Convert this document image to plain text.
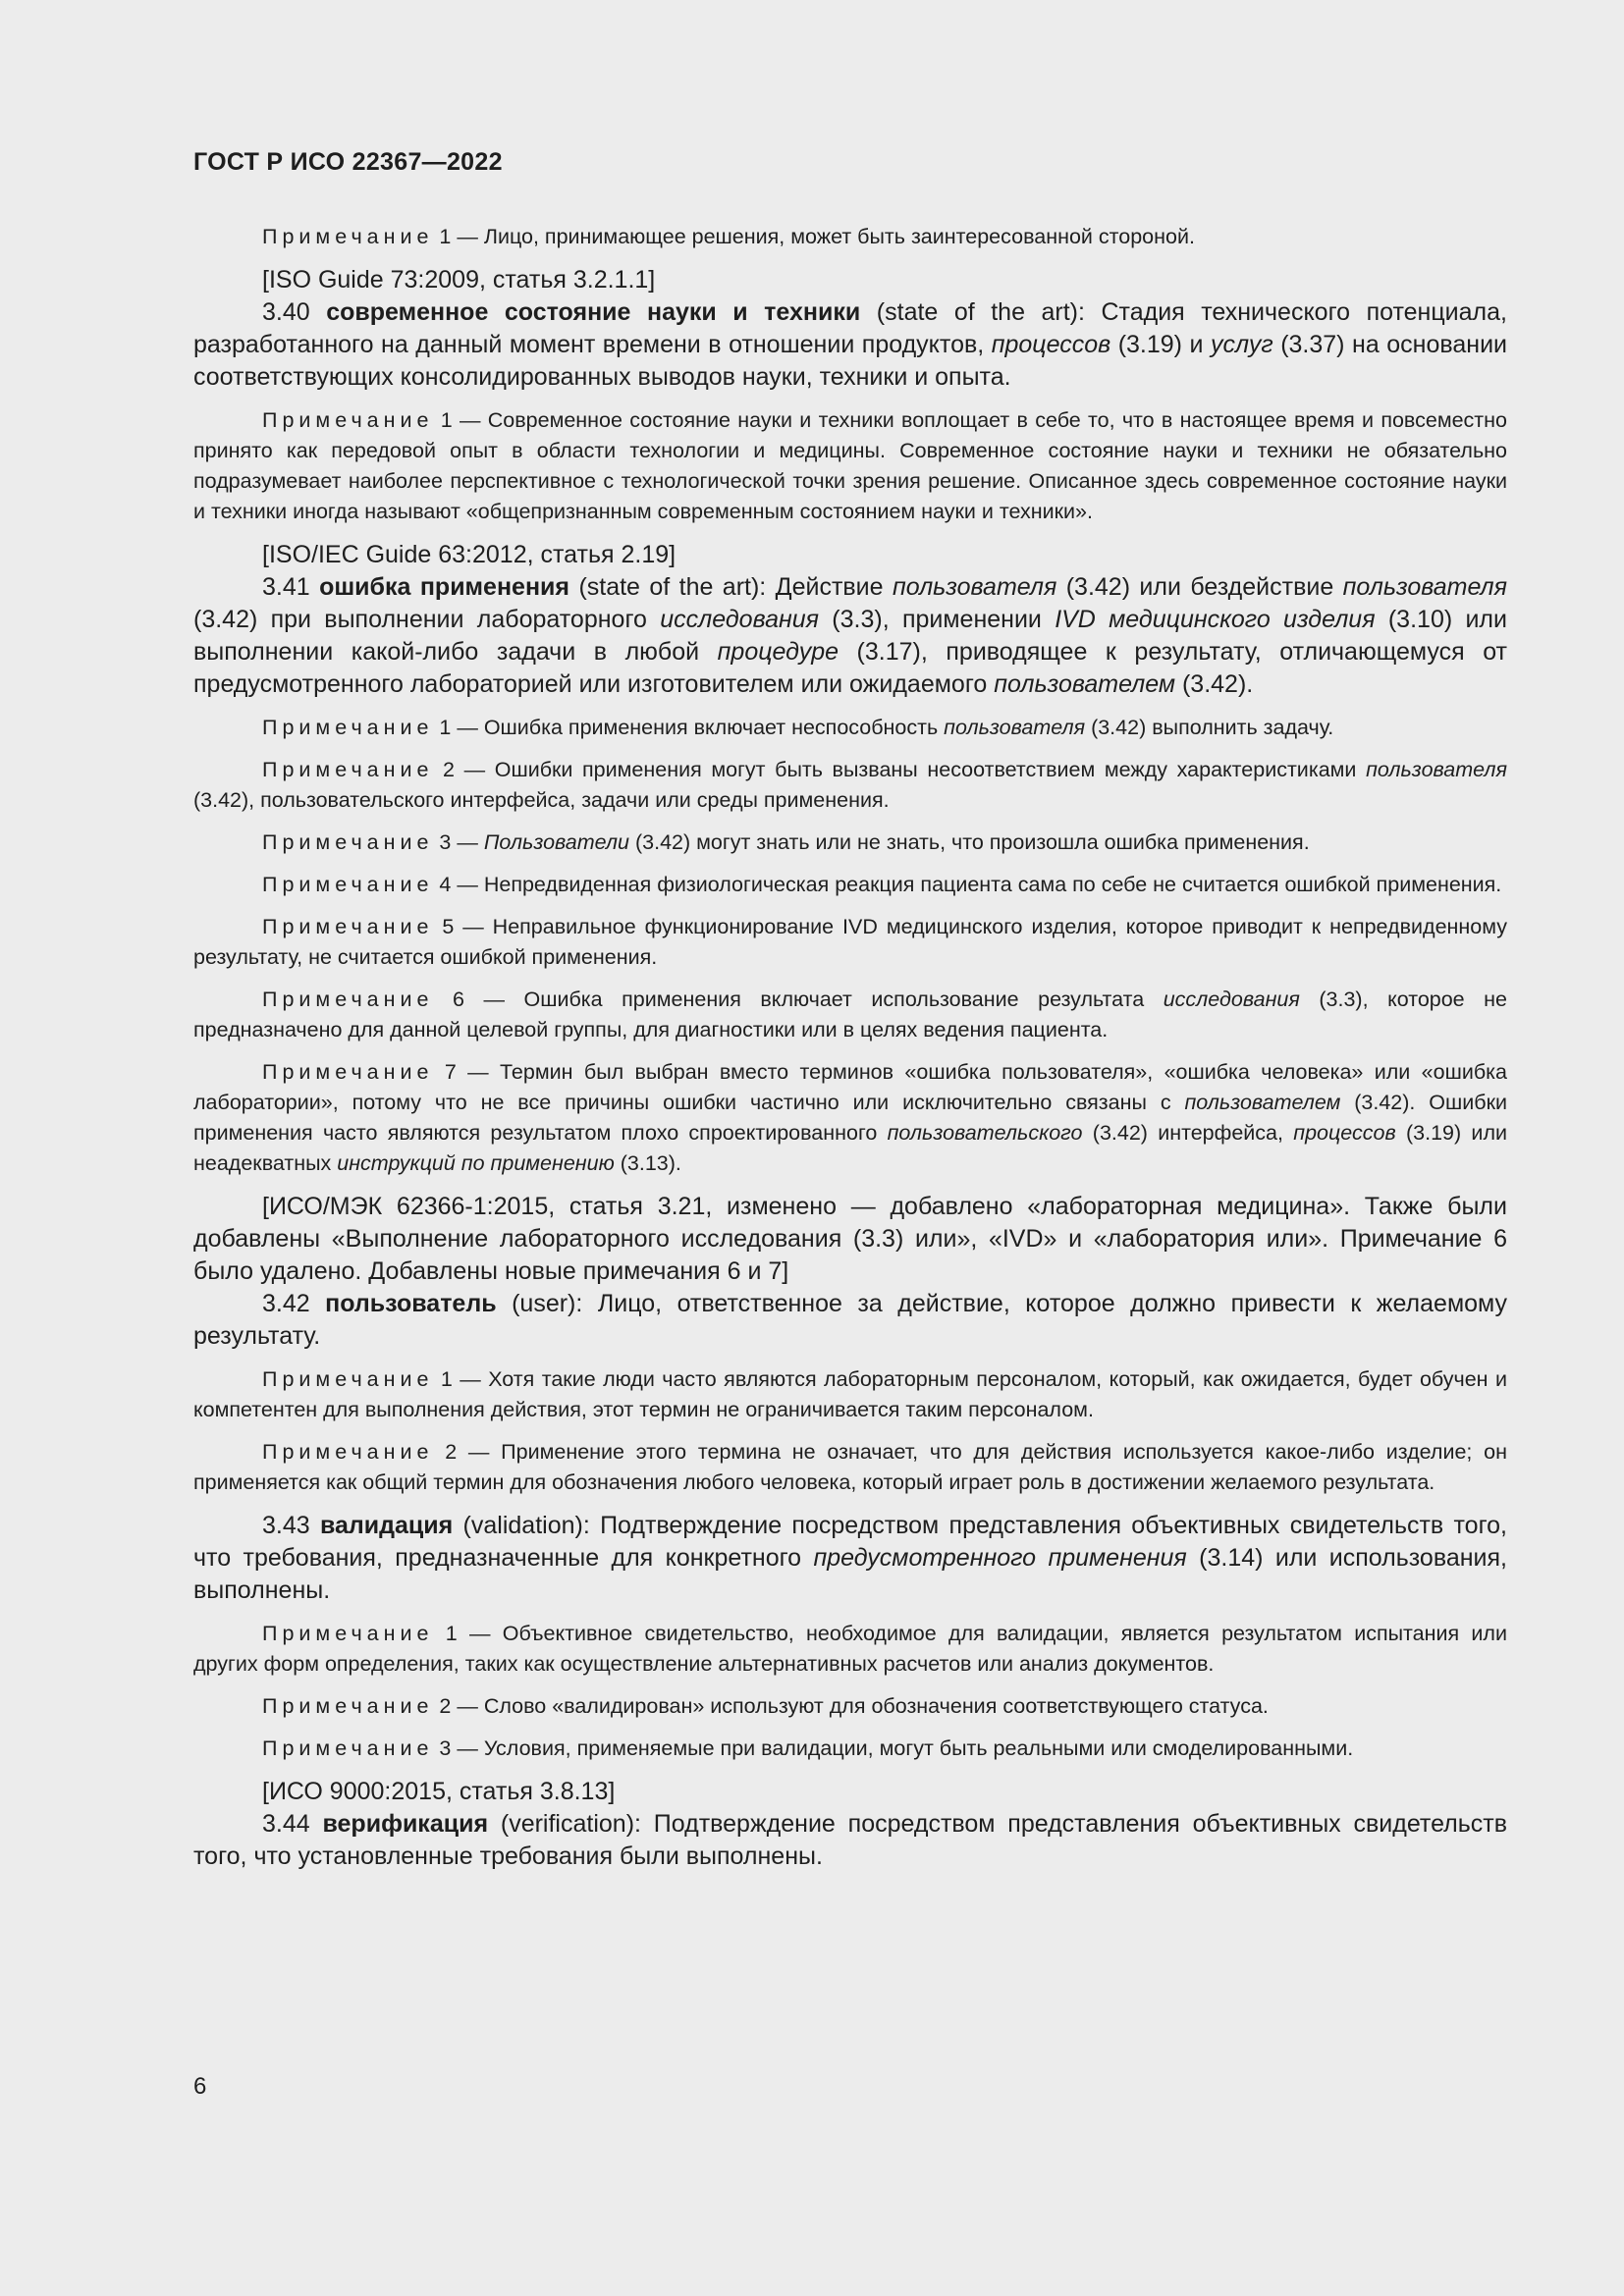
ГОСТ Р ИСО 22367—2022

Примечание 1 — Лицо, принимающее решения, может быть заинтересованной стороной.

[ISO Guide 73:2009, статья 3.2.1.1]

3.40 современное состояние науки и техники (state of the art): Стадия технического потенциала, разработанного на данный момент времени в отношении продуктов, процессов (3.19) и услуг (3.37) на основании соответствующих консолидированных выводов науки, техники и опыта.

Примечание 1 — Современное состояние науки и техники воплощает в себе то, что в настоящее время и повсеместно принято как передовой опыт в области технологии и медицины. Современное состояние науки и техники не обязательно подразумевает наиболее перспективное с технологической точки зрения решение. Описанное здесь современное состояние науки и техники иногда называют «общепризнанным современным состоянием науки и техники».

[ISO/IEC Guide 63:2012, статья 2.19]

3.41 ошибка применения (state of the art): Действие пользователя (3.42) или бездействие пользователя (3.42) при выполнении лабораторного исследования (3.3), применении IVD медицинского изделия (3.10) или выполнении какой-либо задачи в любой процедуре (3.17), приводящее к результату, отличающемуся от предусмотренного лабораторией или изготовителем или ожидаемого пользователем (3.42).

Примечание 1 — Ошибка применения включает неспособность пользователя (3.42) выполнить задачу.

Примечание 2 — Ошибки применения могут быть вызваны несоответствием между характеристиками пользователя (3.42), пользовательского интерфейса, задачи или среды применения.

Примечание 3 — Пользователи (3.42) могут знать или не знать, что произошла ошибка применения.

Примечание 4 — Непредвиденная физиологическая реакция пациента сама по себе не считается ошибкой применения.

Примечание 5 — Неправильное функционирование IVD медицинского изделия, которое приводит к непредвиденному результату, не считается ошибкой применения.

Примечание 6 — Ошибка применения включает использование результата исследования (3.3), которое не предназначено для данной целевой группы, для диагностики или в целях ведения пациента.

Примечание 7 — Термин был выбран вместо терминов «ошибка пользователя», «ошибка человека» или «ошибка лаборатории», потому что не все причины ошибки частично или исключительно связаны с пользователем (3.42). Ошибки применения часто являются результатом плохо спроектированного пользовательского (3.42) интерфейса, процессов (3.19) или неадекватных инструкций по применению (3.13).

[ИСО/МЭК 62366-1:2015, статья 3.21, изменено — добавлено «лабораторная медицина». Также были добавлены «Выполнение лабораторного исследования (3.3) или», «IVD» и «лаборатория или». Примечание 6 было удалено. Добавлены новые примечания 6 и 7]

3.42 пользователь (user): Лицо, ответственное за действие, которое должно привести к желаемому результату.

Примечание 1 — Хотя такие люди часто являются лабораторным персоналом, который, как ожидается, будет обучен и компетентен для выполнения действия, этот термин не ограничивается таким персоналом.

Примечание 2 — Применение этого термина не означает, что для действия используется какое-либо изделие; он применяется как общий термин для обозначения любого человека, который играет роль в достижении желаемого результата.

3.43 валидация (validation): Подтверждение посредством представления объективных свидетельств того, что требования, предназначенные для конкретного предусмотренного применения (3.14) или использования, выполнены.

Примечание 1 — Объективное свидетельство, необходимое для валидации, является результатом испытания или других форм определения, таких как осуществление альтернативных расчетов или анализ документов.

Примечание 2 — Слово «валидирован» используют для обозначения соответствующего статуса.

Примечание 3 — Условия, применяемые при валидации, могут быть реальными или смоделированными.

[ИСО 9000:2015, статья 3.8.13]

3.44 верификация (verification): Подтверждение посредством представления объективных свидетельств того, что установленные требования были выполнены.

6
